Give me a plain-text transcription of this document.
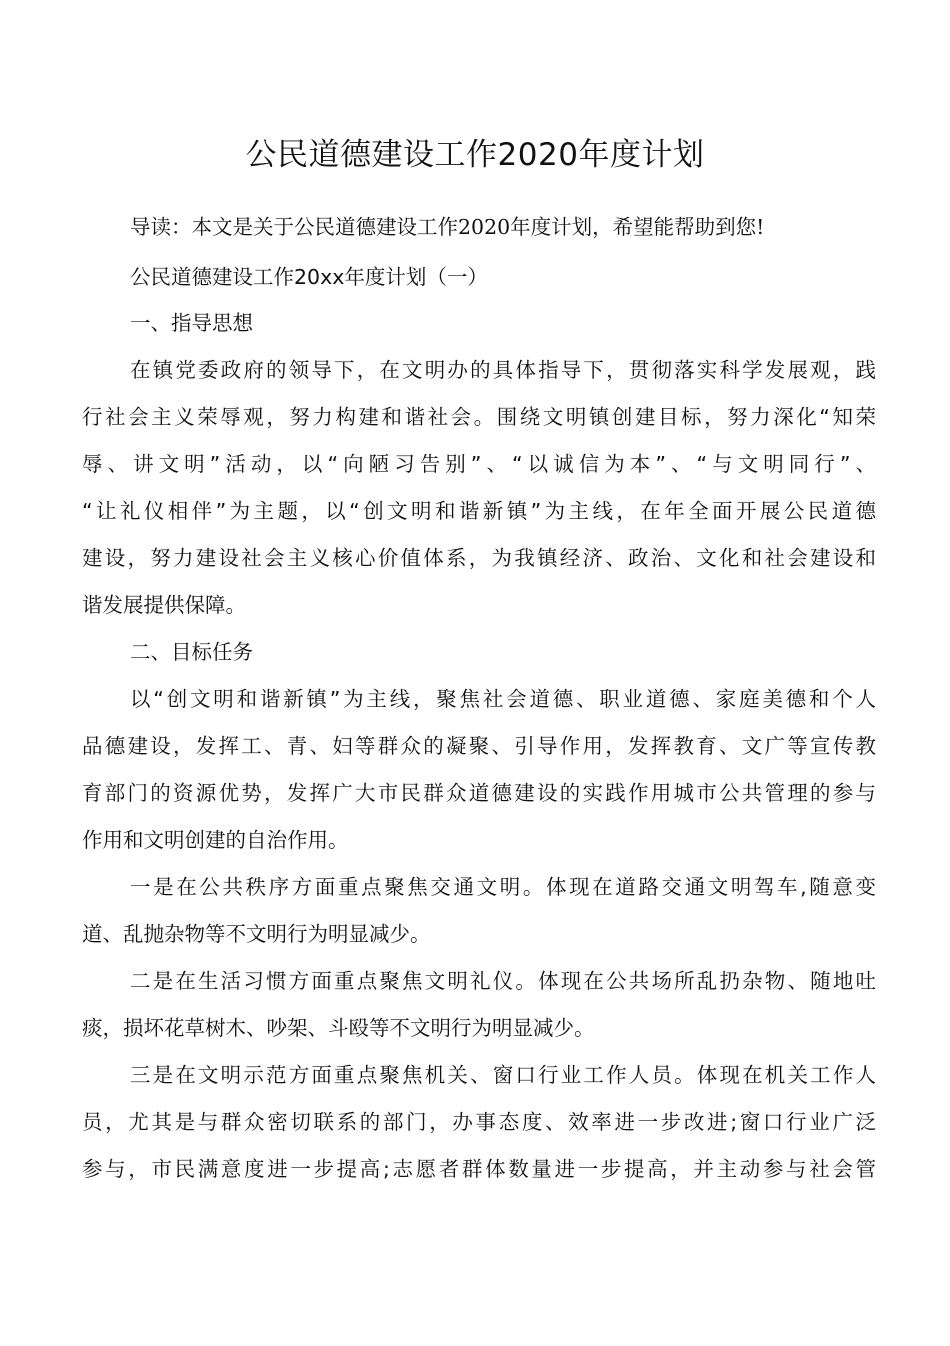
公民道德建设工作2020年度计划
导读：本文是关于公民道德建设工作2020年度计划，希望能帮助到您!
公民道德建设工作20xx年度计划（一）
一、指导思想
在镇党委政府的领导下，在文明办的具体指导下，贯彻落实科学发展观，践
行社会主义荣辱观，努力构建和谐社会。围绕文明镇创建目标，努力深化“知荣
辱、讲文明”活动，以“向陋习告别”、“以诚信为本”、“与文明同行”、
“让礼仪相伴”为主题，以“创文明和谐新镇”为主线，在年全面开展公民道德
建设，努力建设社会主义核心价值体系，为我镇经济、政治、文化和社会建设和
谐发展提供保障。
二、目标任务
以“创文明和谐新镇”为主线，聚焦社会道德、职业道德、家庭美德和个人
品德建设，发挥工、青、妇等群众的凝聚、引导作用，发挥教育、文广等宣传教
育部门的资源优势，发挥广大市民群众道德建设的实践作用城市公共管理的参与
作用和文明创建的自治作用。
一是在公共秩序方面重点聚焦交通文明。体现在道路交通文明驾车,随意变
道、乱抛杂物等不文明行为明显减少。
二是在生活习惯方面重点聚焦文明礼仪。体现在公共场所乱扔杂物、随地吐
痰，损坏花草树木、吵架、斗殴等不文明行为明显减少。
三是在文明示范方面重点聚焦机关、窗口行业工作人员。体现在机关工作人
员，尤其是与群众密切联系的部门，办事态度、效率进一步改进;窗口行业广泛
参与，市民满意度进一步提高;志愿者群体数量进一步提高，并主动参与社会管
